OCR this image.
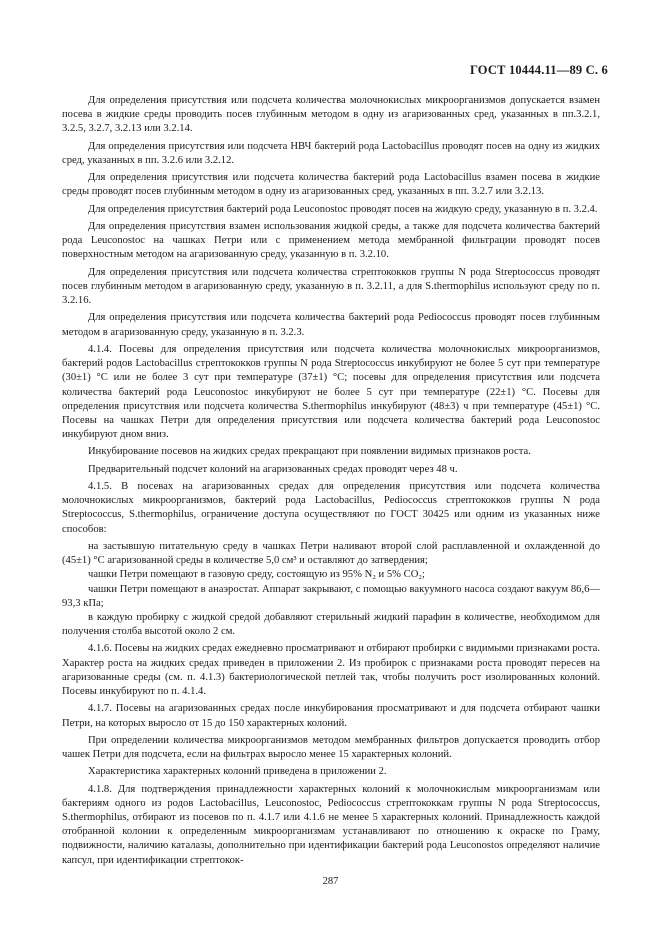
ГОСТ 10444.11—89 С. 6

Для определения присутствия или подсчета количества молочнокислых микроорганизмов допускается взамен посева в жидкие среды проводить посев глубинным методом в одну из агаризованных сред, указанных в пп.3.2.1, 3.2.5, 3.2.7, 3.2.13 или 3.2.14.

Для определения присутствия или подсчета НВЧ бактерий рода Lactobacillus проводят посев на одну из жидких сред, указанных в пп. 3.2.6 или 3.2.12.

Для определения присутствия или подсчета количества бактерий рода Lactobacillus взамен посева в жидкие среды проводят посев глубинным методом в одну из агаризованных сред, указанных в пп. 3.2.7 или 3.2.13.

Для определения присутствия бактерий рода Leuconostoc проводят посев на жидкую среду, указанную в п. 3.2.4.

Для определения присутствия взамен использования жидкой среды, а также для подсчета количества бактерий рода Leuconostoc на чашках Петри или с применением метода мембранной фильтрации проводят посев поверхностным методом на агаризованную среду, указанную в п. 3.2.10.

Для определения присутствия или подсчета количества стрептококков группы N рода Streptococcus проводят посев глубинным методом в агаризованную среду, указанную в п. 3.2.11, а для S.thermophilus используют среду по п. 3.2.16.

Для определения присутствия или подсчета количества бактерий рода Pediococcus проводят посев глубинным методом в агаризованную среду, указанную в п. 3.2.3.

4.1.4. Посевы для определения присутствия или подсчета количества молочнокислых микроорганизмов, бактерий родов Lactobacillus стрептококков группы N рода Streptococcus инкубируют не более 5 сут при температуре (30±1) °С или не более 3 сут при температуре (37±1) °С; посевы для определения присутствия или подсчета количества бактерий рода Leuconostoc инкубируют не более 5 сут при температуре (22±1) °С. Посевы для определения присутствия или подсчета количества S.thermophilus инкубируют (48±3) ч при температуре (45±1) °С. Посевы на чашках Петри для определения присутствия или подсчета количества бактерий рода Leuconostoc инкубируют дном вниз.

Инкубирование посевов на жидких средах прекращают при появлении видимых признаков роста.

Предварительный подсчет колоний на агаризованных средах проводят через 48 ч.

4.1.5. В посевах на агаризованных средах для определения присутствия или подсчета количества молочнокислых микроорганизмов, бактерий рода Lactobacillus, Pediococcus стрептококков группы N рода Streptococcus, S.thermophilus, ограничение доступа осуществляют по ГОСТ 30425 или одним из указанных ниже способов:

на застывшую питательную среду в чашках Петри наливают второй слой расплавленной и охлажденной до (45±1) °С агаризованной среды в количестве 5,0 см³ и оставляют до затвердения;

чашки Петри помещают в газовую среду, состоящую из 95% N₂ и 5% CO₂;

чашки Петри помещают в анаэростат. Аппарат закрывают, с помощью вакуумного насоса создают вакуум 86,6—93,3 кПа;

в каждую пробирку с жидкой средой добавляют стерильный жидкий парафин в количестве, необходимом для получения столба высотой около 2 см.

4.1.6. Посевы на жидких средах ежедневно просматривают и отбирают пробирки с видимыми признаками роста. Характер роста на жидких средах приведен в приложении 2. Из пробирок с признаками роста проводят пересев на агаризованные среды (см. п. 4.1.3) бактериологической петлей так, чтобы получить рост изолированных колоний. Посевы инкубируют по п. 4.1.4.

4.1.7. Посевы на агаризованных средах после инкубирования просматривают и для подсчета отбирают чашки Петри, на которых выросло от 15 до 150 характерных колоний.

При определении количества микроорганизмов методом мембранных фильтров допускается проводить отбор чашек Петри для подсчета, если на фильтрах выросло менее 15 характерных колоний.

Характеристика характерных колоний приведена в приложении 2.

4.1.8. Для подтверждения принадлежности характерных колоний к молочнокислым микроорганизмам или бактериям одного из родов Lactobacillus, Leuconostoc, Pediococcus стрептококкам группы N рода Streptococcus, S.thermophilus, отбирают из посевов по п. 4.1.7 или 4.1.6 не менее 5 характерных колоний. Принадлежность каждой отобранной колонии к определенным микроорганизмам устанавливают по отношению к окраске по Граму, подвижности, наличию каталазы, дополнительно при идентификации бактерий рода Leuconostos определяют наличие капсул, при идентификации стрептокок-

287
